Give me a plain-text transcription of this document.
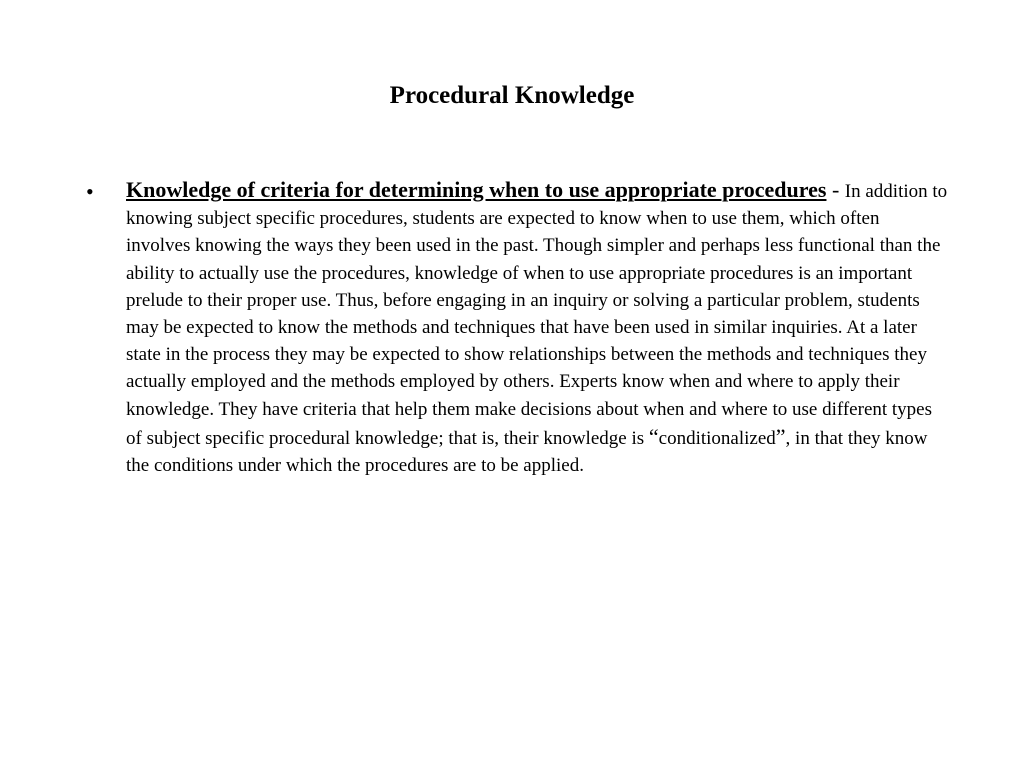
Procedural Knowledge
• Knowledge of criteria for determining when to use appropriate procedures - In addition to knowing subject specific procedures, students are expected to know when to use them, which often involves knowing the ways they been used in the past. Though simpler and perhaps less functional than the ability to actually use the procedures, knowledge of when to use appropriate procedures is an important prelude to their proper use. Thus, before engaging in an inquiry or solving a particular problem, students may be expected to know the methods and techniques that have been used in similar inquiries. At a later state in the process they may be expected to show relationships between the methods and techniques they actually employed and the methods employed by others. Experts know when and where to apply their knowledge. They have criteria that help them make decisions about when and where to use different types of subject specific procedural knowledge; that is, their knowledge is “conditionalized”, in that they know the conditions under which the procedures are to be applied.
